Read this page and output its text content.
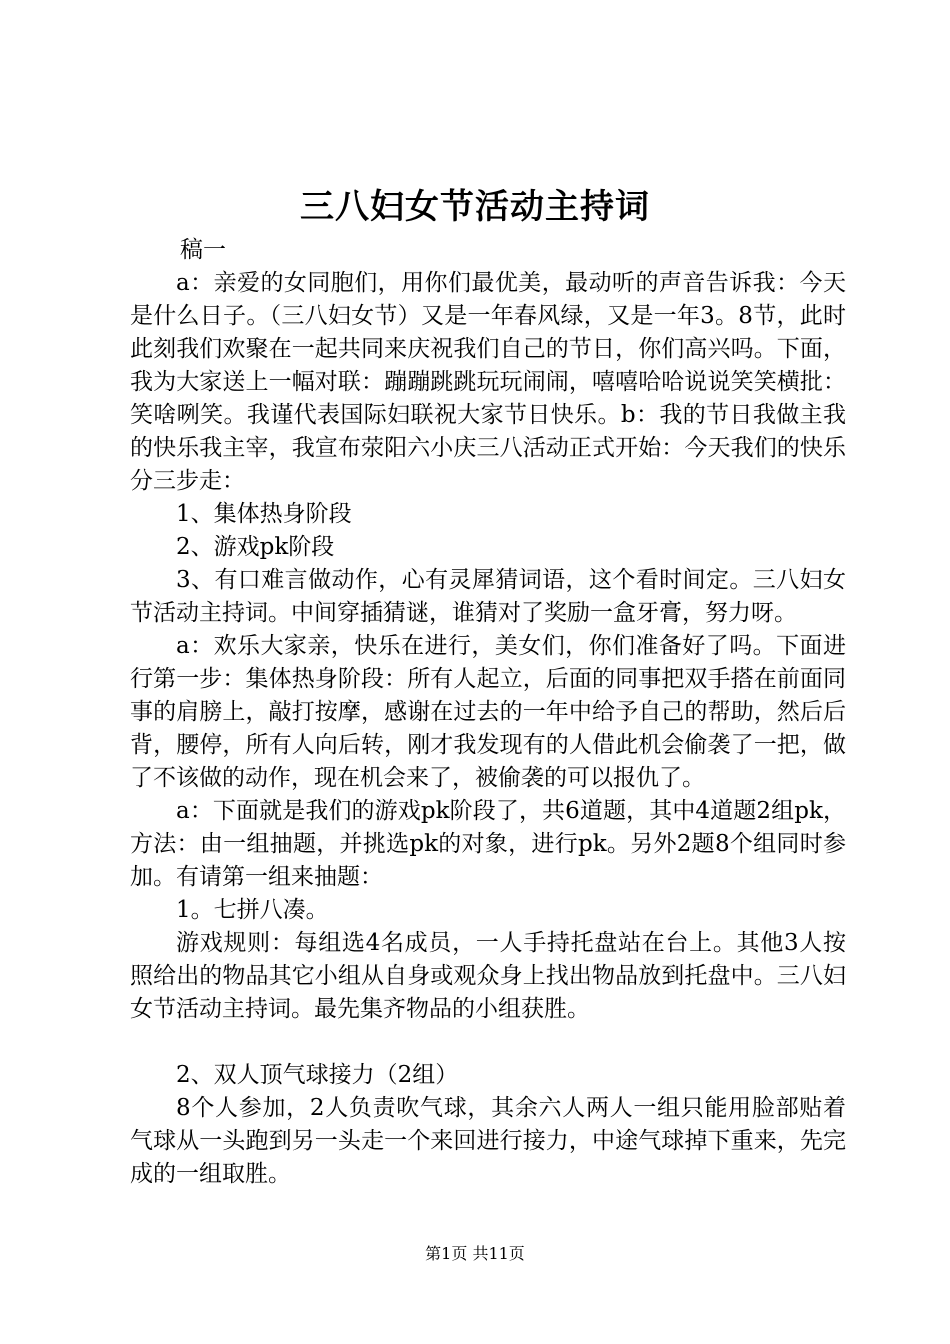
三八妇女节活动主持词

稿一

a：亲爱的女同胞们，用你们最优美，最动听的声音告诉我：今天是什么日子。（三八妇女节）又是一年春风绿，又是一年3。8节，此时此刻我们欢聚在一起共同来庆祝我们自己的节日，你们高兴吗。下面，我为大家送上一幅对联：蹦蹦跳跳玩玩闹闹，嘻嘻哈哈说说笑笑横批：笑啥咧笑。我谨代表国际妇联祝大家节日快乐。b：我的节日我做主我的快乐我主宰，我宣布荥阳六小庆三八活动正式开始：今天我们的快乐分三步走：

1、集体热身阶段

2、游戏pk阶段

3、有口难言做动作，心有灵犀猜词语，这个看时间定。三八妇女节活动主持词。中间穿插猜谜，谁猜对了奖励一盒牙膏，努力呀。

a：欢乐大家亲，快乐在进行，美女们，你们准备好了吗。下面进行第一步：集体热身阶段：所有人起立，后面的同事把双手搭在前面同事的肩膀上，敲打按摩，感谢在过去的一年中给予自己的帮助，然后后背，腰停，所有人向后转，刚才我发现有的人借此机会偷袭了一把，做了不该做的动作，现在机会来了，被偷袭的可以报仇了。

a：下面就是我们的游戏pk阶段了，共6道题，其中4道题2组pk，方法：由一组抽题，并挑选pk的对象，进行pk。另外2题8个组同时参加。有请第一组来抽题：

1。七拼八凑。

游戏规则：每组选4名成员，一人手持托盘站在台上。其他3人按照给出的物品其它小组从自身或观众身上找出物品放到托盘中。三八妇女节活动主持词。最先集齐物品的小组获胜。

2、双人顶气球接力（2组）

8个人参加，2人负责吹气球，其余六人两人一组只能用脸部贴着气球从一头跑到另一头走一个来回进行接力，中途气球掉下重来，先完成的一组取胜。

第1页 共11页
